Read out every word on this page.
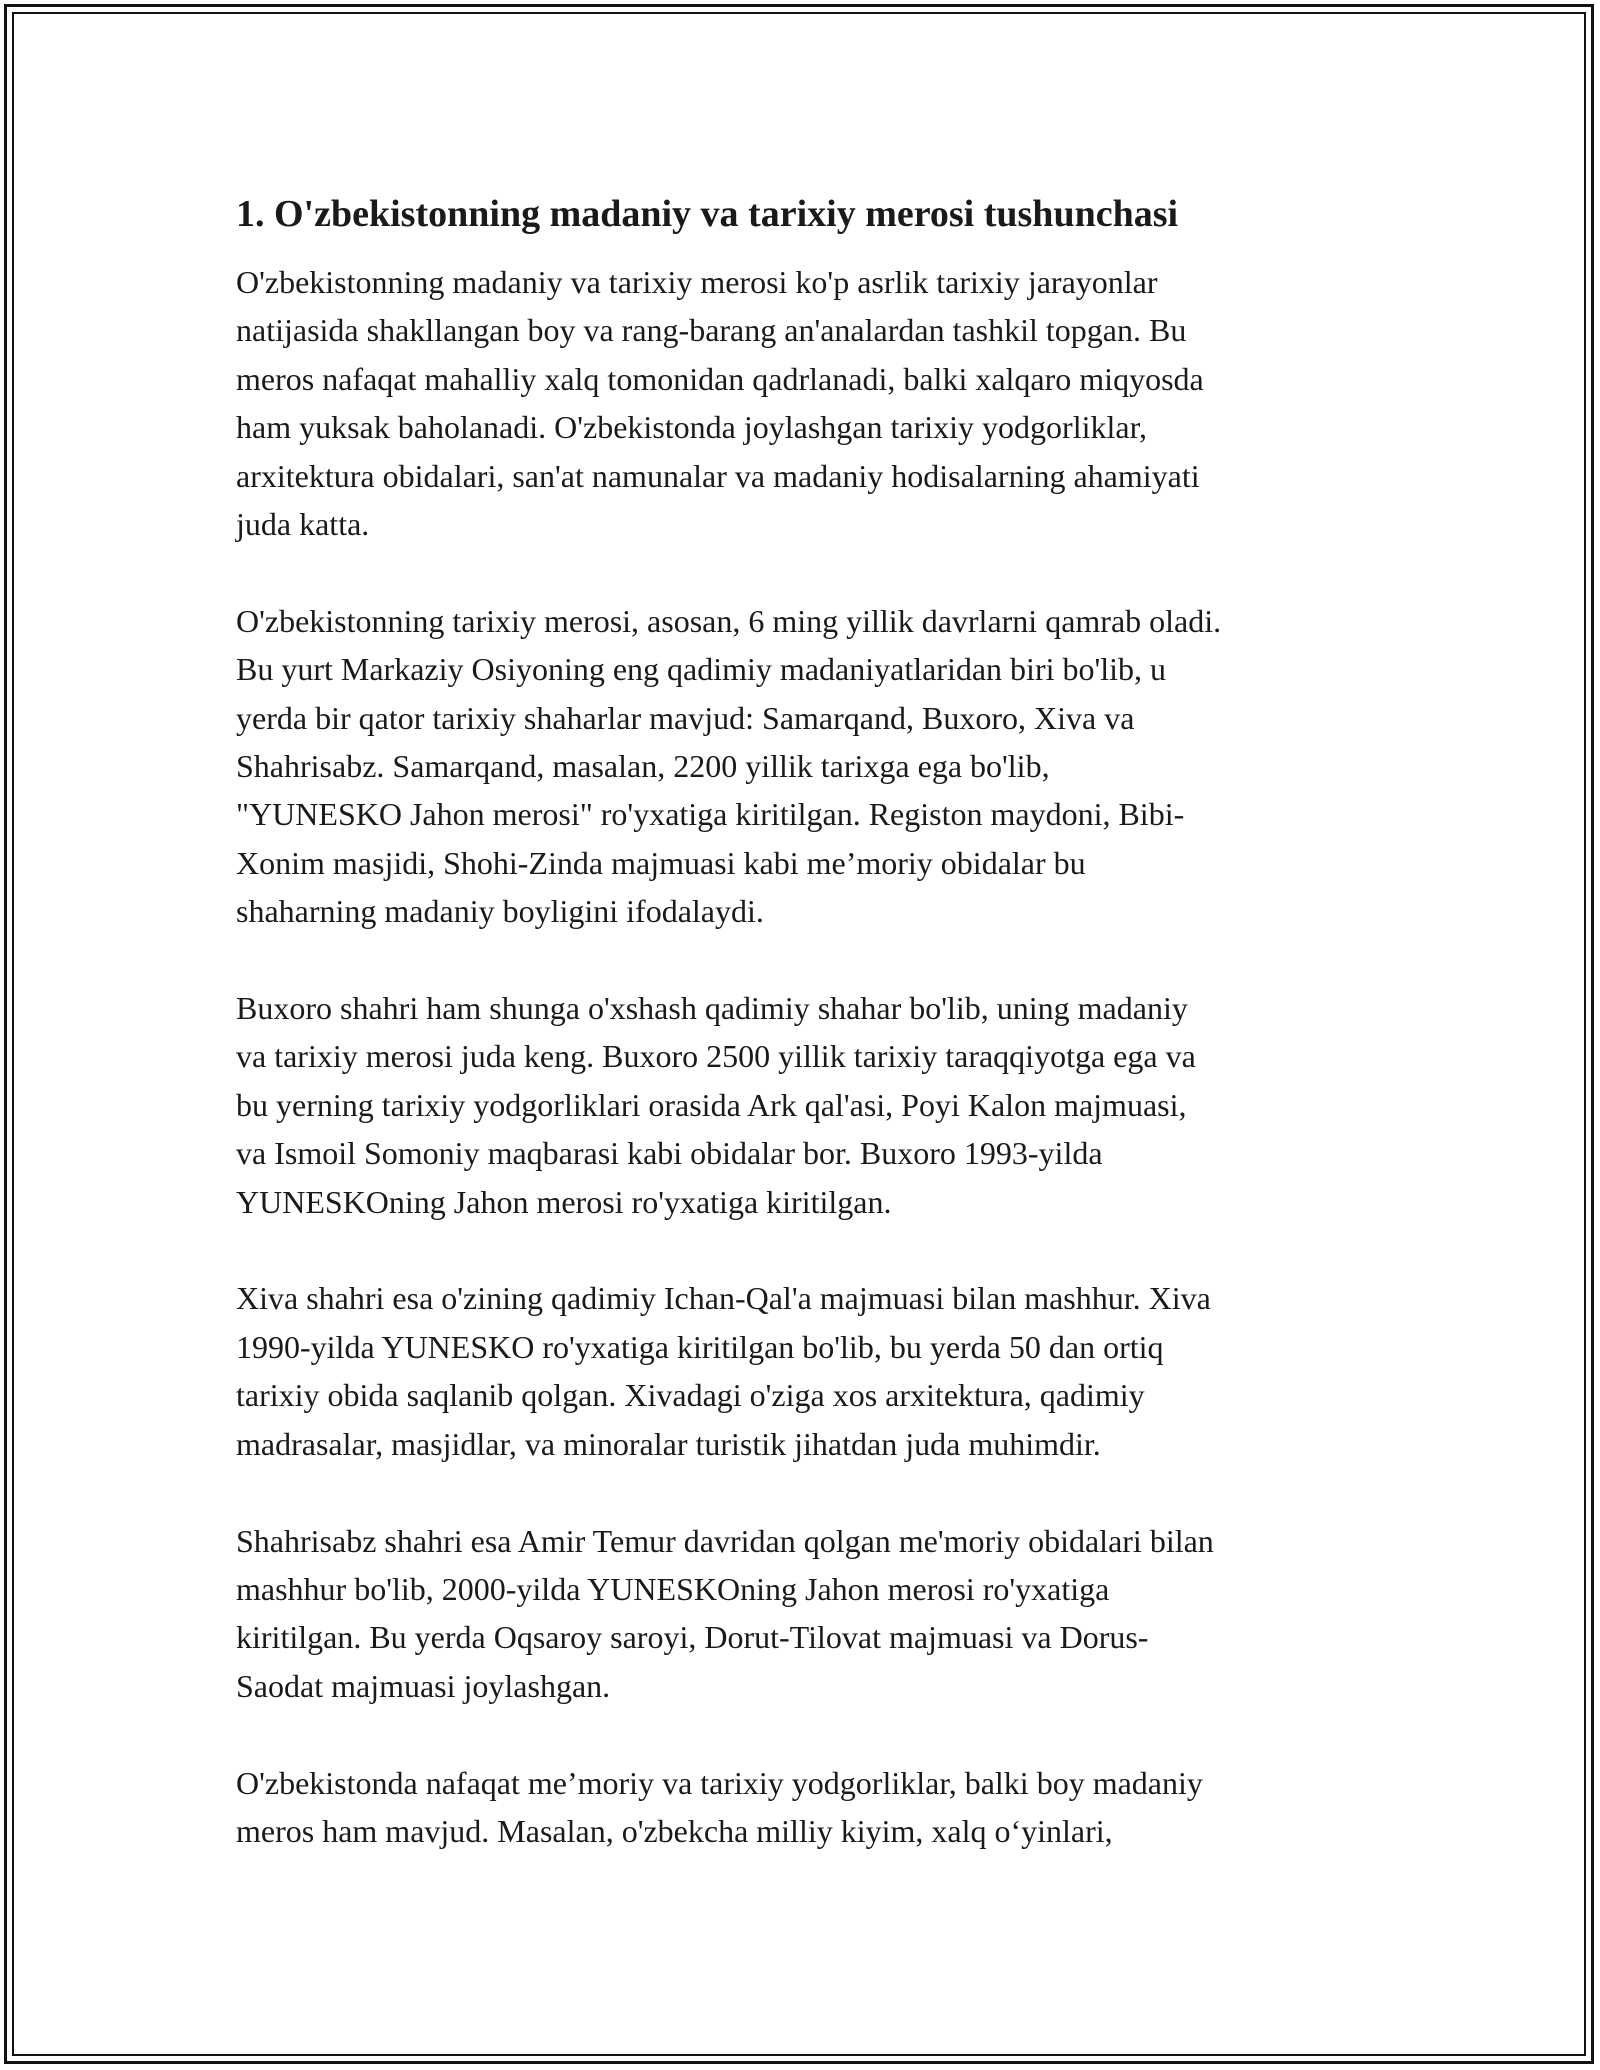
1. O'zbekistonning madaniy va tarixiy merosi tushunchasi

O'zbekistonning madaniy va tarixiy merosi ko'p asrlik tarixiy jarayonlar
natijasida shakllangan boy va rang-barang an'analardan tashkil topgan. Bu
meros nafaqat mahalliy xalq tomonidan qadrlanadi, balki xalqaro miqyosda
ham yuksak baholanadi. O'zbekistonda joylashgan tarixiy yodgorliklar,
arxitektura obidalari, san'at namunalar va madaniy hodisalarning ahamiyati
juda katta.

O'zbekistonning tarixiy merosi, asosan, 6 ming yillik davrlarni qamrab oladi.
Bu yurt Markaziy Osiyoning eng qadimiy madaniyatlaridan biri bo'lib, u
yerda bir qator tarixiy shaharlar mavjud: Samarqand, Buxoro, Xiva va
Shahrisabz. Samarqand, masalan, 2200 yillik tarixga ega bo'lib,
"YUNESKO Jahon merosi" ro'yxatiga kiritilgan. Registon maydoni, Bibi-
Xonim masjidi, Shohi-Zinda majmuasi kabi me’moriy obidalar bu
shaharning madaniy boyligini ifodalaydi.

Buxoro shahri ham shunga o'xshash qadimiy shahar bo'lib, uning madaniy
va tarixiy merosi juda keng. Buxoro 2500 yillik tarixiy taraqqiyotga ega va
bu yerning tarixiy yodgorliklari orasida Ark qal'asi, Poyi Kalon majmuasi,
va Ismoil Somoniy maqbarasi kabi obidalar bor. Buxoro 1993-yilda
YUNESKOning Jahon merosi ro'yxatiga kiritilgan.

Xiva shahri esa o'zining qadimiy Ichan-Qal'a majmuasi bilan mashhur. Xiva
1990-yilda YUNESKO ro'yxatiga kiritilgan bo'lib, bu yerda 50 dan ortiq
tarixiy obida saqlanib qolgan. Xivadagi o'ziga xos arxitektura, qadimiy
madrasalar, masjidlar, va minoralar turistik jihatdan juda muhimdir.

Shahrisabz shahri esa Amir Temur davridan qolgan me'moriy obidalari bilan
mashhur bo'lib, 2000-yilda YUNESKOning Jahon merosi ro'yxatiga
kiritilgan. Bu yerda Oqsaroy saroyi, Dorut-Tilovat majmuasi va Dorus-
Saodat majmuasi joylashgan.

O'zbekistonda nafaqat me’moriy va tarixiy yodgorliklar, balki boy madaniy
meros ham mavjud. Masalan, o'zbekcha milliy kiyim, xalq o‘yinlari,
